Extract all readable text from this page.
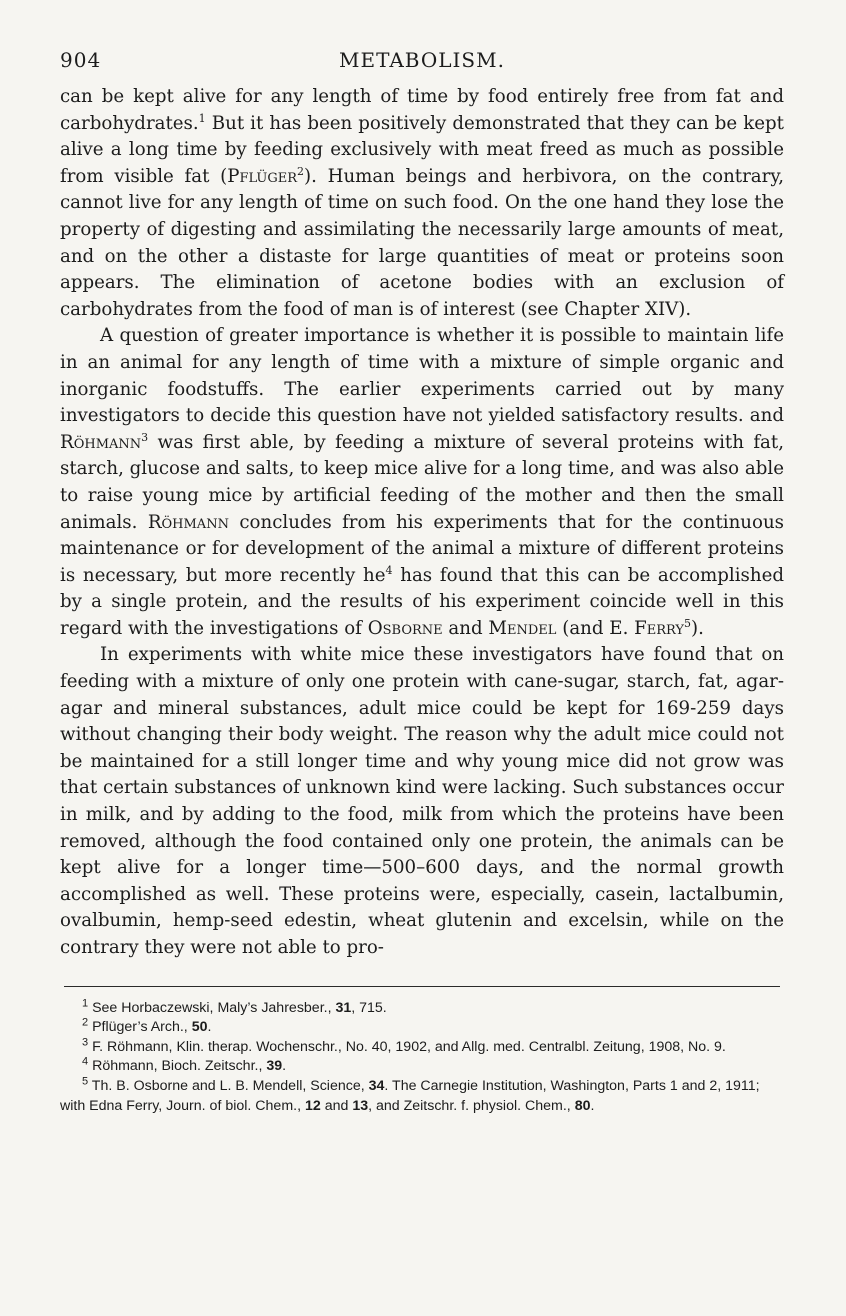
904	METABOLISM.

can be kept alive for any length of time by food entirely free from fat and carbohydrates.$^1$ But it has been positively demonstrated that they can be kept alive a long time by feeding exclusively with meat freed as much as possible from visible fat (Pflüger$^2$). Human beings and herbivora, on the contrary, cannot live for any length of time on such food. On the one hand they lose the property of digesting and assimilating the necessarily large amounts of meat, and on the other a distaste for large quantities of meat or proteins soon appears. The elimination of acetone bodies with an exclusion of carbohydrates from the food of man is of interest (see Chapter XIV).

A question of greater importance is whether it is possible to maintain life in an animal for any length of time with a mixture of simple organic and inorganic foodstuffs. The earlier experiments carried out by many investigators to decide this question have not yielded satisfactory results. and Röhmann$^3$ was first able, by feeding a mixture of several proteins with fat, starch, glucose and salts, to keep mice alive for a long time, and was also able to raise young mice by artificial feeding of the mother and then the small animals. Röhmann concludes from his experiments that for the continuous maintenance or for development of the animal a mixture of different proteins is necessary, but more recently $he^4$ has found that this can be accomplished by a single protein, and the results of his experiment coincide well in this regard with the investigations of Osborne and Mendel (and E. Ferry$^5$).

In experiments with white mice these investigators have found that on feeding with a mixture of only one protein with cane-sugar, starch, fat, agar-agar and mineral substances, adult mice could be kept for 169-259 days without changing their body weight. The reason why the adult mice could not be maintained for a still longer time and why young mice did not grow was that certain substances of unknown kind were lacking. Such substances occur in milk, and by adding to the food, milk from which the proteins have been removed, although the food contained only one protein, the animals can be kept alive for a longer time—500–600 days, and the normal growth accomplished as well. These proteins were, especially, casein, lactalbumin, ovalbumin, hemp-seed edestin, wheat glutenin and excelsin, while on the contrary they were not able to pro-

$^1$ See Horbaczewski, Maly’s Jahresber., 31, 715.

$^2$ Pflüger’s Arch., 50.

$^3$ F. Röhmann, Klin. therap. Wochenschr., No. 40, 1902, and Allg. med. Centralbl. Zeitung, 1908, No. 9.

$^4$ Röhmann, Bioch. Zeitschr., 39.

$^5$ Th. B. Osborne and L. B. Mendell, Science, 34. The Carnegie Institution, Washington, Parts 1 and 2, 1911; with Edna Ferry, Journ. of biol. Chem., 12 and 13, and Zeitschr. f. physiol. Chem., 80.
